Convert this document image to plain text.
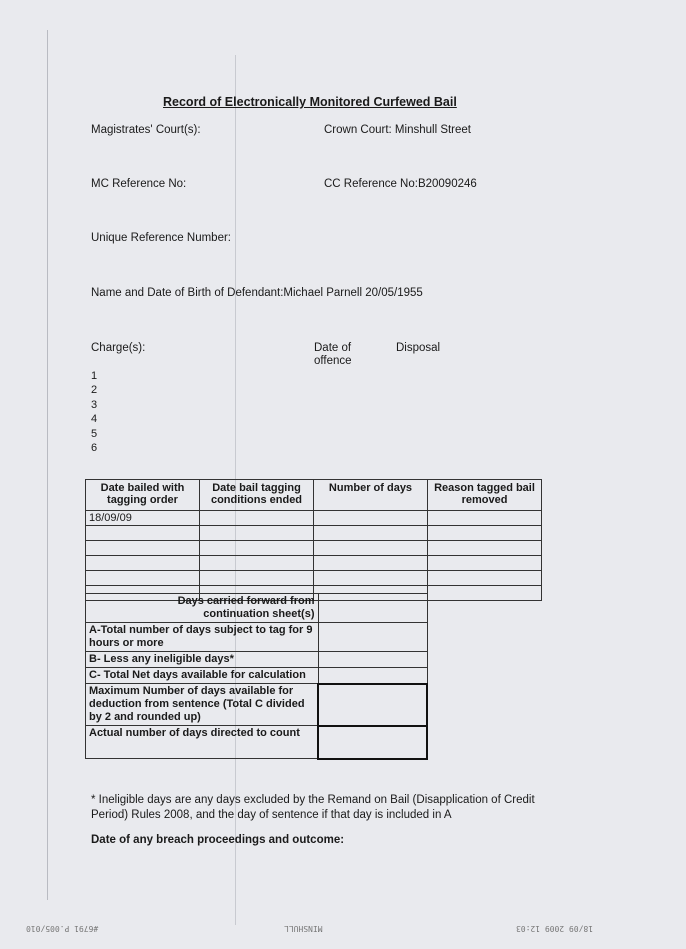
Record of Electronically Monitored Curfewed Bail
Magistrates' Court(s):	Crown Court: Minshull Street
MC Reference No:	CC Reference No:B20090246
Unique Reference Number:
Name and Date of Birth of Defendant:Michael Parnell 20/05/1955
Charge(s):	Date of offence
Disposal
1
2
3
4
5
6
Date bailed with tagging order	Date bail tagging conditions ended	Number of days	Reason tagged bail removed
18/09/09			

Days carried forward from continuation sheet(s)	
A-Total number of days subject to tag for 9 hours or more	
B- Less any ineligible days*	
C- Total Net days available for calculation	
Maximum Number of days available for deduction from sentence (Total C divided by 2 and rounded up)	
Actual number of days directed to count	
* Ineligible days are any days excluded by the Remand on Bail (Disapplication of Credit Period) Rules 2008, and the day of sentence if that day is included in A
Date of any breach proceedings and outcome:
#6791 P.005/010	MINSHULL	18/09 2009 12:03
